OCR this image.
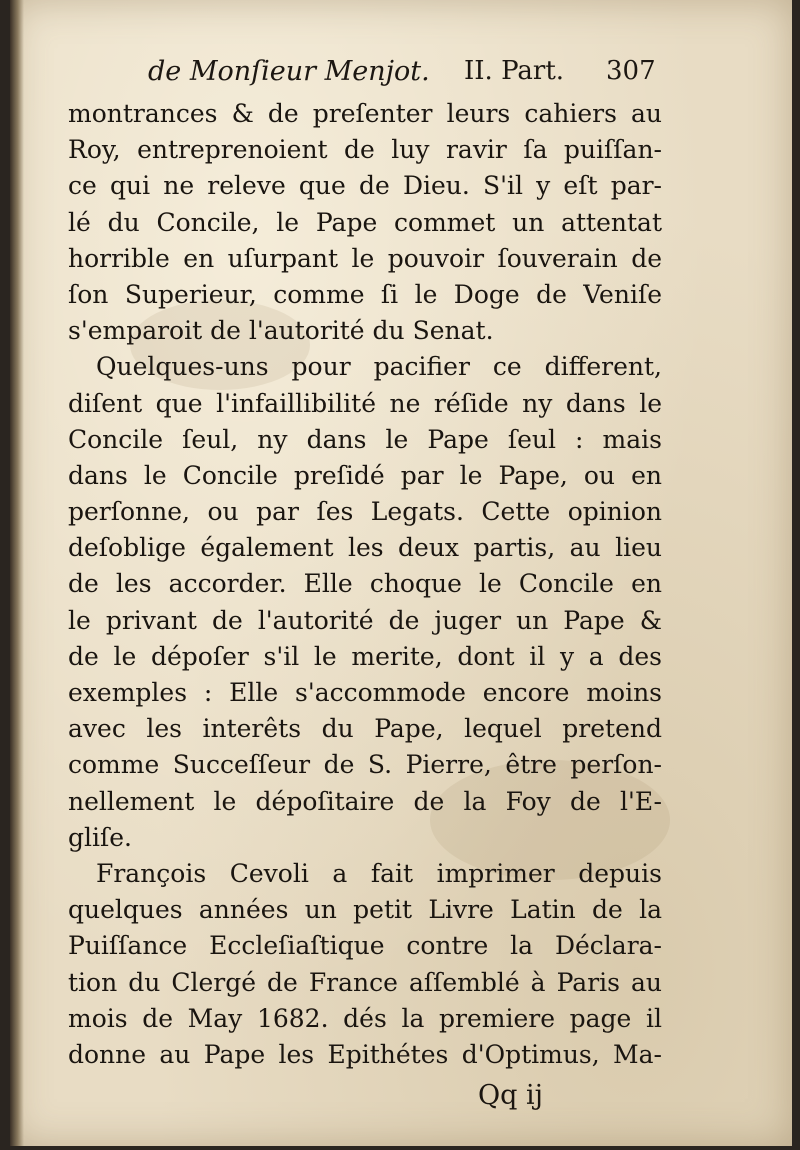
de Monſieur Menjot. II. Part. 307
montrances & de preſenter leurs cahiers au
Roy, entreprenoient de luy ravir ſa puiſſan-
ce qui ne releve que de Dieu. S'il y eſt par-
lé du Concile, le Pape commet un attentat
horrible en uſurpant le pouvoir ſouverain de
ſon Superieur, comme ſi le Doge de Veniſe
s'emparoit de l'autorité du Senat.
Quelques-uns pour pacifier ce different,
diſent que l'infaillibilité ne réſide ny dans le
Concile ſeul, ny dans le Pape ſeul : mais
dans le Concile preſidé par le Pape, ou en
perſonne, ou par ſes Legats. Cette opinion
deſoblige également les deux partis, au lieu
de les accorder. Elle choque le Concile en
le privant de l'autorité de juger un Pape &
de le dépoſer s'il le merite, dont il y a des
exemples : Elle s'accommode encore moins
avec les interêts du Pape, lequel pretend
comme Succeſſeur de S. Pierre, être perſon-
nellement le dépoſitaire de la Foy de l'E-
gliſe.
François Cevoli a fait imprimer depuis
quelques années un petit Livre Latin de la
Puiſſance Eccleſiaſtique contre la Déclara-
tion du Clergé de France aſſemblé à Paris au
mois de May 1682. dés la premiere page il
donne au Pape les Epithétes d'Optimus, Ma-
Qq ij
